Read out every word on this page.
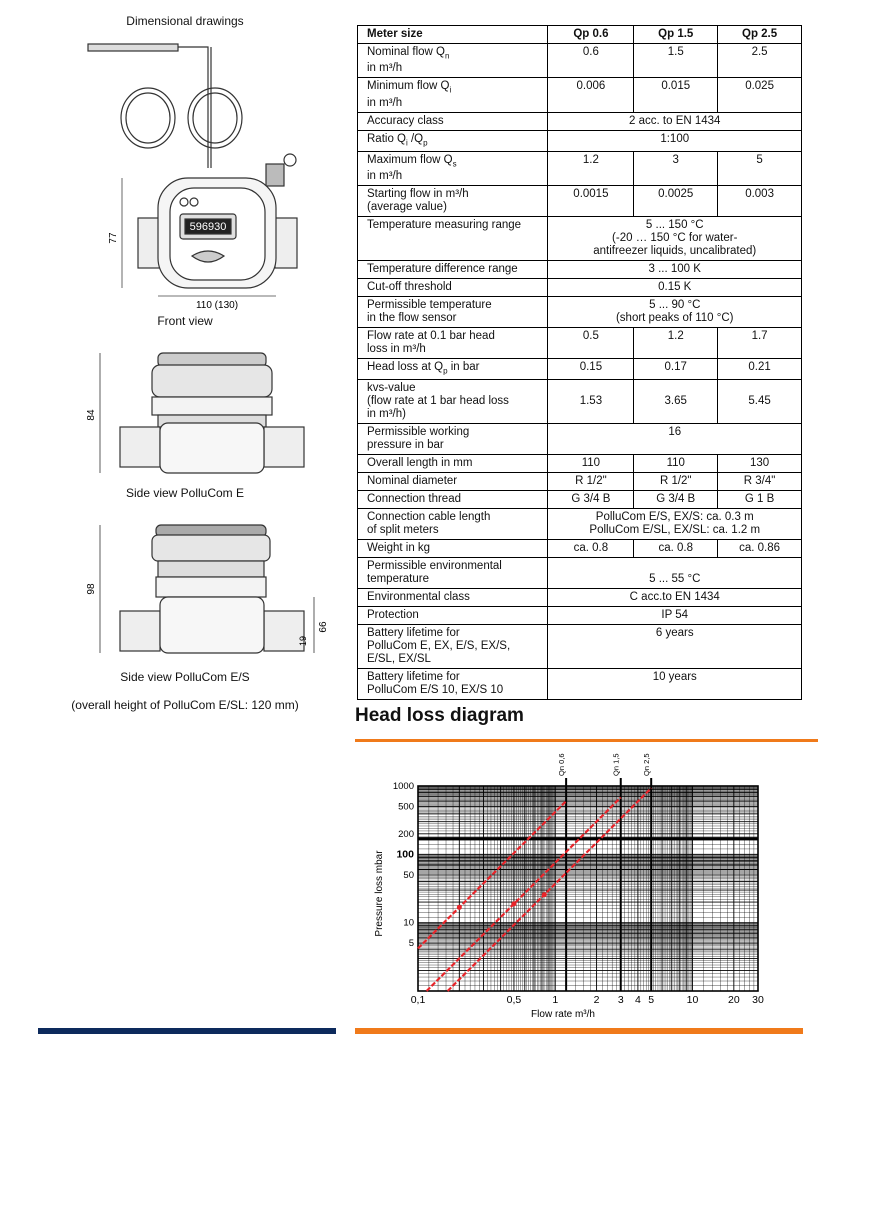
Dimensional drawings
596930
77
110 (130)
Front view
84
Side view PolluCom E
98
66
19
Side view PolluCom E/S
(overall height of PolluCom E/SL: 120 mm)
Meter size	Qp 0.6	Qp 1.5	Qp 2.5
Nominal flow $Q_n$
in m³/h	0.6	1.5	2.5
Minimum flow $Q_i$
in m³/h	0.006	0.015	0.025
Accuracy class	2 acc. to EN 1434		
Ratio $Q_i$ $/Q_p$	1:100		
Maximum flow $Q_s$
in m³/h	1.2	3	5
Starting flow in m³/h
(average value)	0.0015	0.0025	0.003
Temperature measuring range	5 ... 150 °C
(-20 … 150 °C for water-
antifreezer liquids, uncalibrated)		
Temperature difference range	3 ... 100 K		
Cut-off threshold	0.15 K		
Permissible temperature
in the flow sensor	5 ... 90 °C
(short peaks of 110 °C)		
Flow rate at 0.1 bar head
loss in m³/h	0.5	1.2	1.7
Head loss at $Q_p$ in bar	0.15	0.17	0.21
kvs-value
(flow rate at 1 bar head loss
in m³/h)	1.53	3.65	5.45
Permissible working
pressure in bar	16		
Overall length in mm	110	110	130
Nominal diameter	R 1/2"	R 1/2"	R 3/4"
Connection thread	G 3/4 B	G 3/4 B	G 1 B
Connection cable length
of split meters	PolluCom E/S, EX/S: ca. 0.3 m
PolluCom E/SL, EX/SL: ca. 1.2 m		
Weight in kg	ca. 0.8	ca. 0.8	ca. 0.86
Permissible environmental
temperature	5 ... 55 °C		
Environmental class	C acc.to EN 1434		
Protection	IP 54		
Battery lifetime for
PolluCom E, EX, E/S, EX/S,
E/SL, EX/SL	6 years		
Battery lifetime for
PolluCom E/S 10, EX/S 10	10 years		
Head loss diagram
Qn 0,6	Qn 1,5	Qn 2,5
0,1	0,5	1	2 3 4 5	10	20 30
1000
500
200
100
50
10
5
Flow rate m³/h
Pressure loss mbar
